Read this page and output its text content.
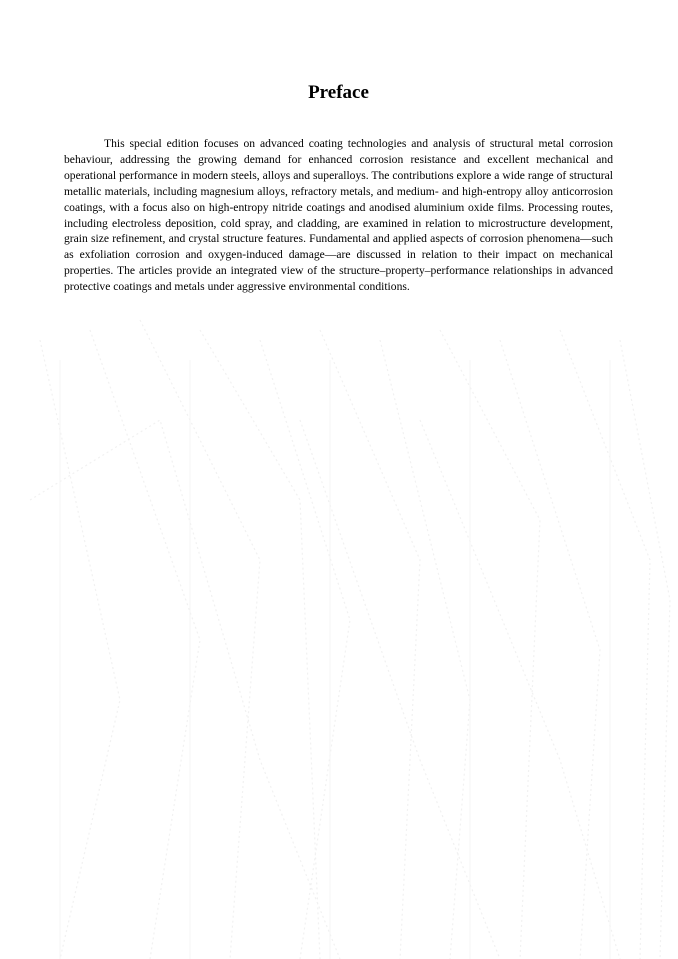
Preface

This special edition focuses on advanced coating technologies and analysis of structural metal corrosion behaviour, addressing the growing demand for enhanced corrosion resistance and excellent mechanical and operational performance in modern steels, alloys and superalloys. The contributions explore a wide range of structural metallic materials, including magnesium alloys, refractory metals, and medium- and high-entropy alloy anticorrosion coatings, with a focus also on high-entropy nitride coatings and anodised aluminium oxide films. Processing routes, including electroless deposition, cold spray, and cladding, are examined in relation to microstructure development, grain size refinement, and crystal structure features. Fundamental and applied aspects of corrosion phenomena—such as exfoliation corrosion and oxygen-induced damage—are discussed in relation to their impact on mechanical properties. The articles provide an integrated view of the structure–property–performance relationships in advanced protective coatings and metals under aggressive environmental conditions.
